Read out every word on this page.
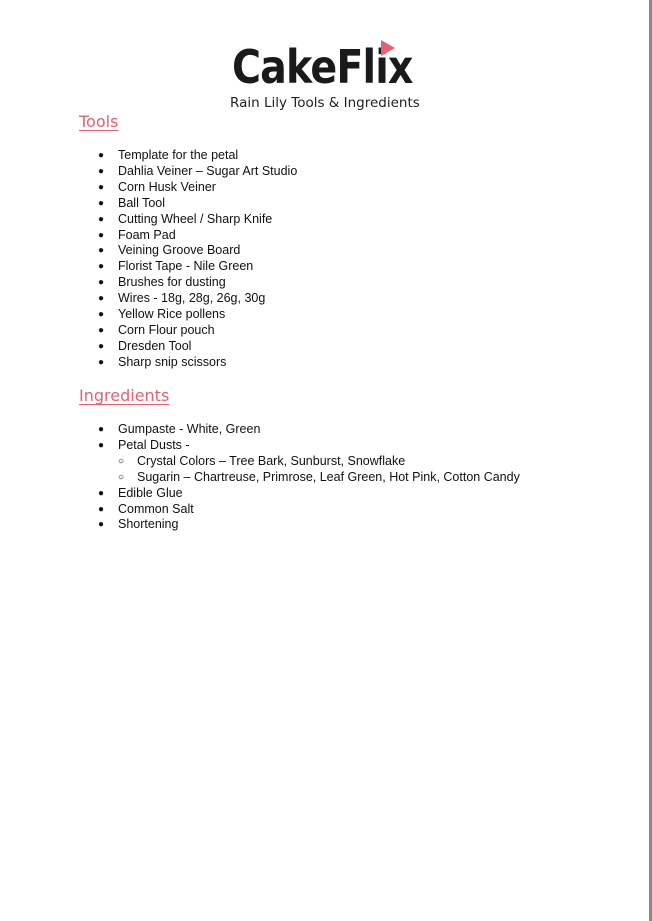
CakeFlix
Rain Lily Tools & Ingredients
Tools
● Template for the petal
● Dahlia Veiner – Sugar Art Studio
● Corn Husk Veiner
● Ball Tool
● Cutting Wheel / Sharp Knife
● Foam Pad
● Veining Groove Board
● Florist Tape - Nile Green
● Brushes for dusting
● Wires - 18g, 28g, 26g, 30g
● Yellow Rice pollens
● Corn Flour pouch
● Dresden Tool
● Sharp snip scissors
Ingredients
● Gumpaste - White, Green
● Petal Dusts -
○ Crystal Colors – Tree Bark, Sunburst, Snowflake
○ Sugarin – Chartreuse, Primrose, Leaf Green, Hot Pink, Cotton Candy
● Edible Glue
● Common Salt
● Shortening
